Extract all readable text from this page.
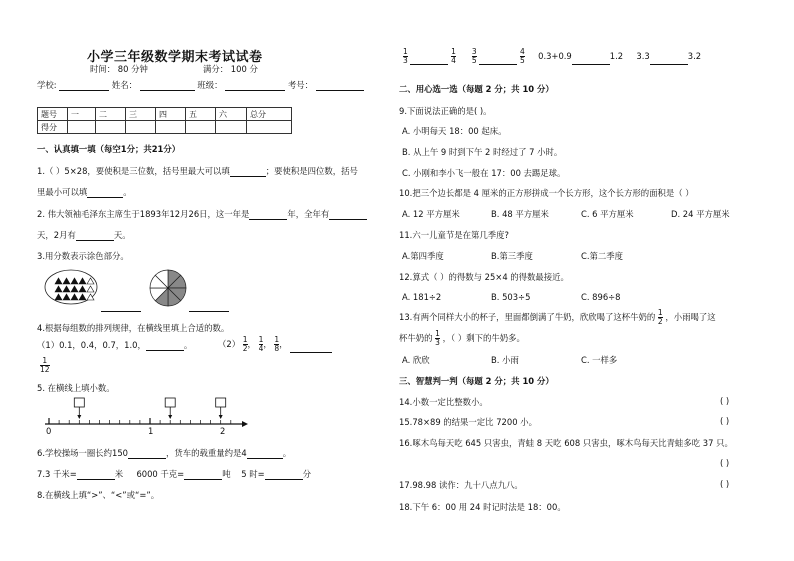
小学三年级数学期末考试试卷
时间： 80 分钟	满分： 100 分
学校:	姓名：	班级：	考号：
题号	一	二	三	四	五	六	总分
得分							
一、认真填一填（每空1分；共21分）
1.（ ）5×28，要使积是三位数，括号里最大可以填	；要使积是四位数，括号
里最小可以填	。
2. 伟大领袖毛泽东主席生于1893年12月26日，这一年是	年，全年有
天，2月有	天。
3.用分数表示涂色部分。
4.根据每组数的排列规律，在横线里填上合适的数。
（1）0.1，0.4，0.7，1.0，	。	$(2) \frac{1}{2}$ ， $\frac{1}{4}$ ， $\frac{1}{8}$ ，
$\frac{1}{12}$
5. 在横线上填小数。
0	1	2
6.学校操场一圈长约150	，货车的载重量约是4	。
7.3 千米=	米 6000 千克=	吨 5 时=	分
8.在横线上填“>”、“<”或“=”。
$\frac{1}{3}$
	$\frac{1}{4}$
$\frac{3}{5}$
	$\frac{4}{5} 0.3+0.9$	1.2 3.3	3.2
二、用心选一选（每题 2 分；共 10 分）
9.下面说法正确的是( )。
A. 小明每天 18：00 起床。
B. 从上午 9 时到下午 2 时经过了 7 小时。
C. 小刚和李小飞一般在 17：00 去踢足球。
10.把三个边长都是 4 厘米的正方形拼成一个长方形，这个长方形的面积是（ ）
A. 12 平方厘米	B. 48 平方厘米	C. 6 平方厘米	D. 24 平方厘米
11.六一儿童节是在第几季度?
A.第四季度	B.第三季度	C.第二季度
12.算式（ ）的得数与 25×4 的得数最接近。
A. 181÷2	B. 503÷5	C. 896÷8
13.有两个同样大小的杯子，里面都倒满了牛奶，欣欣喝了这杯牛奶的 $\frac{1}{2}$ ，小雨喝了这
杯牛奶的 $\frac{1}{3}$ ，（ ）剩下的牛奶多。
A. 欣欣	B. 小雨	C. 一样多
三、智慧判一判（每题 2 分；共 10 分）
14.小数一定比整数小。	( )
15.78×89 的结果一定比 7200 小。	( )
16.啄木鸟每天吃 645 只害虫，青蛙 8 天吃 608 只害虫，啄木鸟每天比青蛙多吃 37 只。
( )
17.98.98 读作：九十八点九八。	( )
18.下午 6：00 用 24 时记时法是 18：00。
